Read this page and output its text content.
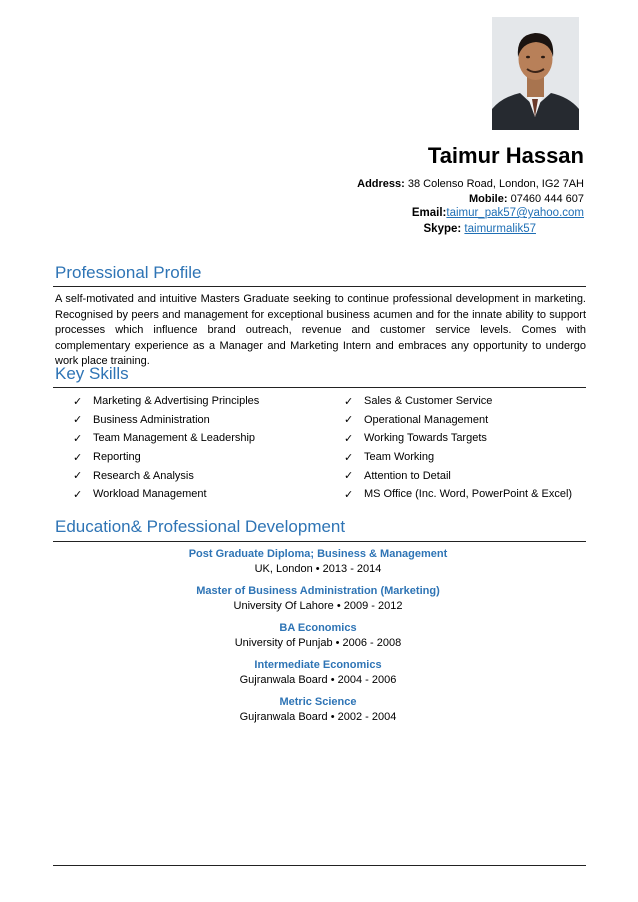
Taimur Hassan
Address: 38 Colenso Road, London, IG2 7AH
Mobile: 07460 444 607
Email:taimur_pak57@yahoo.com
Skype: taimurmalik57
Professional Profile
A self-motivated and intuitive Masters Graduate seeking to continue professional development in marketing. Recognised by peers and management for exceptional business acumen and for the innate ability to support processes which influence brand outreach, revenue and customer service levels. Comes with complementary experience as a Manager and Marketing Intern and embraces any opportunity to undergo work place training.
Key Skills
✓ Marketing & Advertising Principles
✓ Business Administration
✓ Team Management & Leadership
✓ Reporting
✓ Research & Analysis
✓ Workload Management
✓ Sales & Customer Service
✓ Operational Management
✓ Working Towards Targets
✓ Team Working
✓ Attention to Detail
✓ MS Office (Inc. Word, PowerPoint & Excel)
Education& Professional Development
Post Graduate Diploma; Business & Management
UK, London • 2013 - 2014
Master of Business Administration (Marketing)
University Of Lahore • 2009 - 2012
BA Economics
University of Punjab • 2006 - 2008
Intermediate Economics
Gujranwala Board • 2004 - 2006
Metric Science
Gujranwala Board • 2002 - 2004
